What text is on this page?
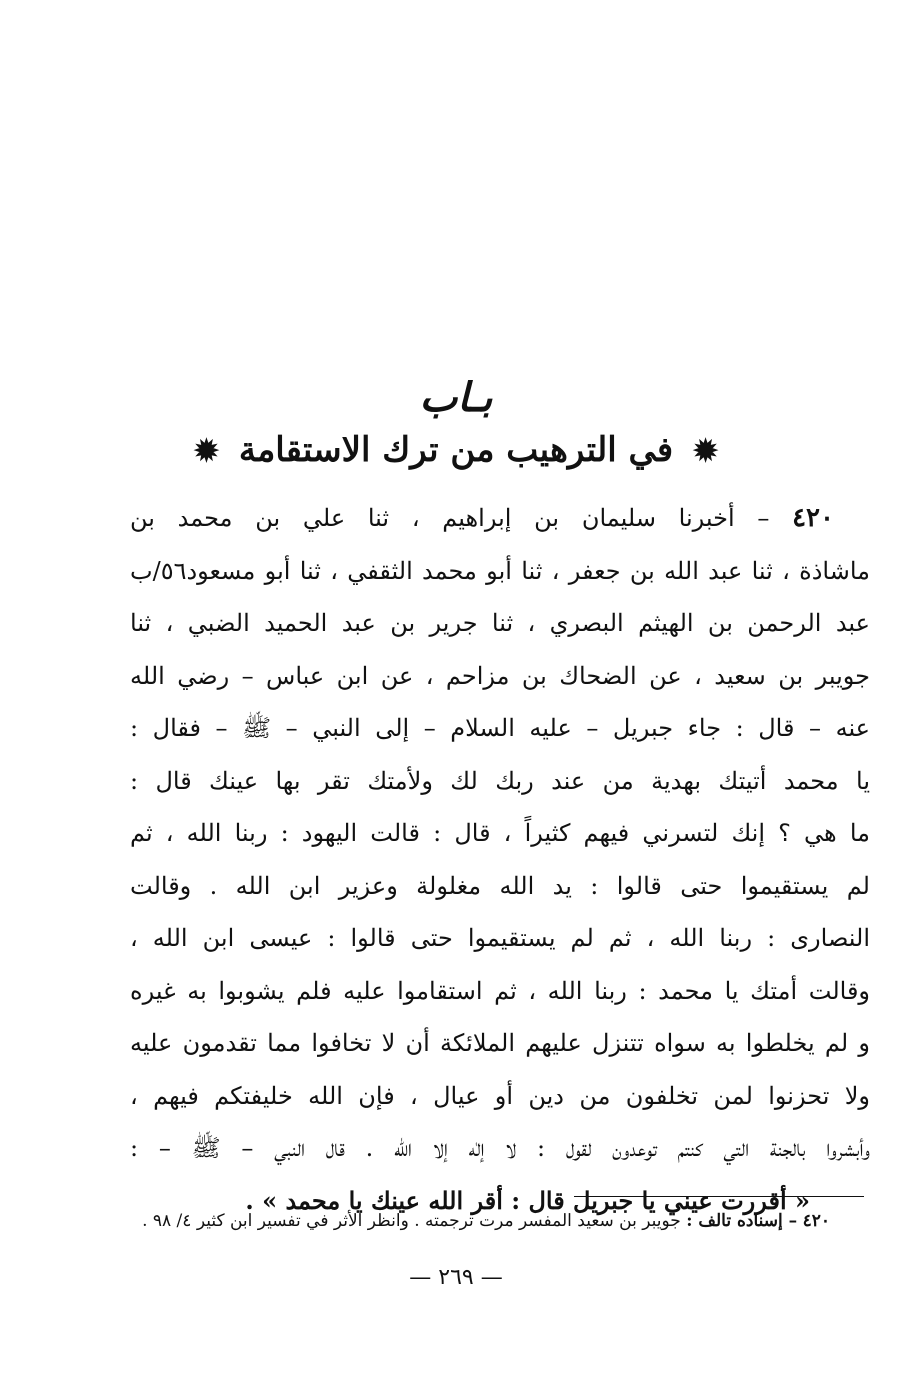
بـاب
✹ في الترهيب من ترك الاستقامة ✹
٤٢٠ – أخبرنا سليمان بن إبراهيم ، ثنا علي بن محمد بن
ماشاذة ، ثنا عبد الله بن جعفر ، ثنا أبو محمد الثقفي ، ثنا أبو مسعود٥٦/ب
عبد الرحمن بن الهيثم البصري ، ثنا جرير بن عبد الحميد الضبي ، ثنا
جويبر بن سعيد ، عن الضحاك بن مزاحم ، عن ابن عباس – رضي الله
عنه – قال : جاء جبريل – عليه السلام – إلى النبي – ﷺ – فقال :
يا محمد أتيتك بهدية من عند ربك لك ولأمتك تقر بها عينك قال :
ما هي ؟ إنك لتسرني فيهم كثيراً ، قال : قالت اليهود : ربنا الله ، ثم
لم يستقيموا حتى قالوا : يد الله مغلولة وعزير ابن الله . وقالت
النصارى : ربنا الله ، ثم لم يستقيموا حتى قالوا : عيسى ابن الله ،
وقالت أمتك يا محمد : ربنا الله ، ثم استقاموا عليه فلم يشوبوا به غيره
و لم يخلطوا به سواه تتنزل عليهم الملائكة أن لا تخافوا مما تقدمون عليه
ولا تحزنوا لمن تخلفون من دين أو عيال ، فإن الله خليفتكم فيهم ،
وأبشروا بالجنة التي كنتم توعدون لقول : لا إلٰه إلا الله . قال النبي – ﷺ – :
« أقررت عيني يا جبريل قال : أقر الله عينك يا محمد » .
٤٢٠ – إسناده تالف : جويبر بن سعيد المفسر مرت ترجمته . وانظر الأثر في تفسير ابن كثير ٤/ ٩٨ .
— ٢٦٩ —
